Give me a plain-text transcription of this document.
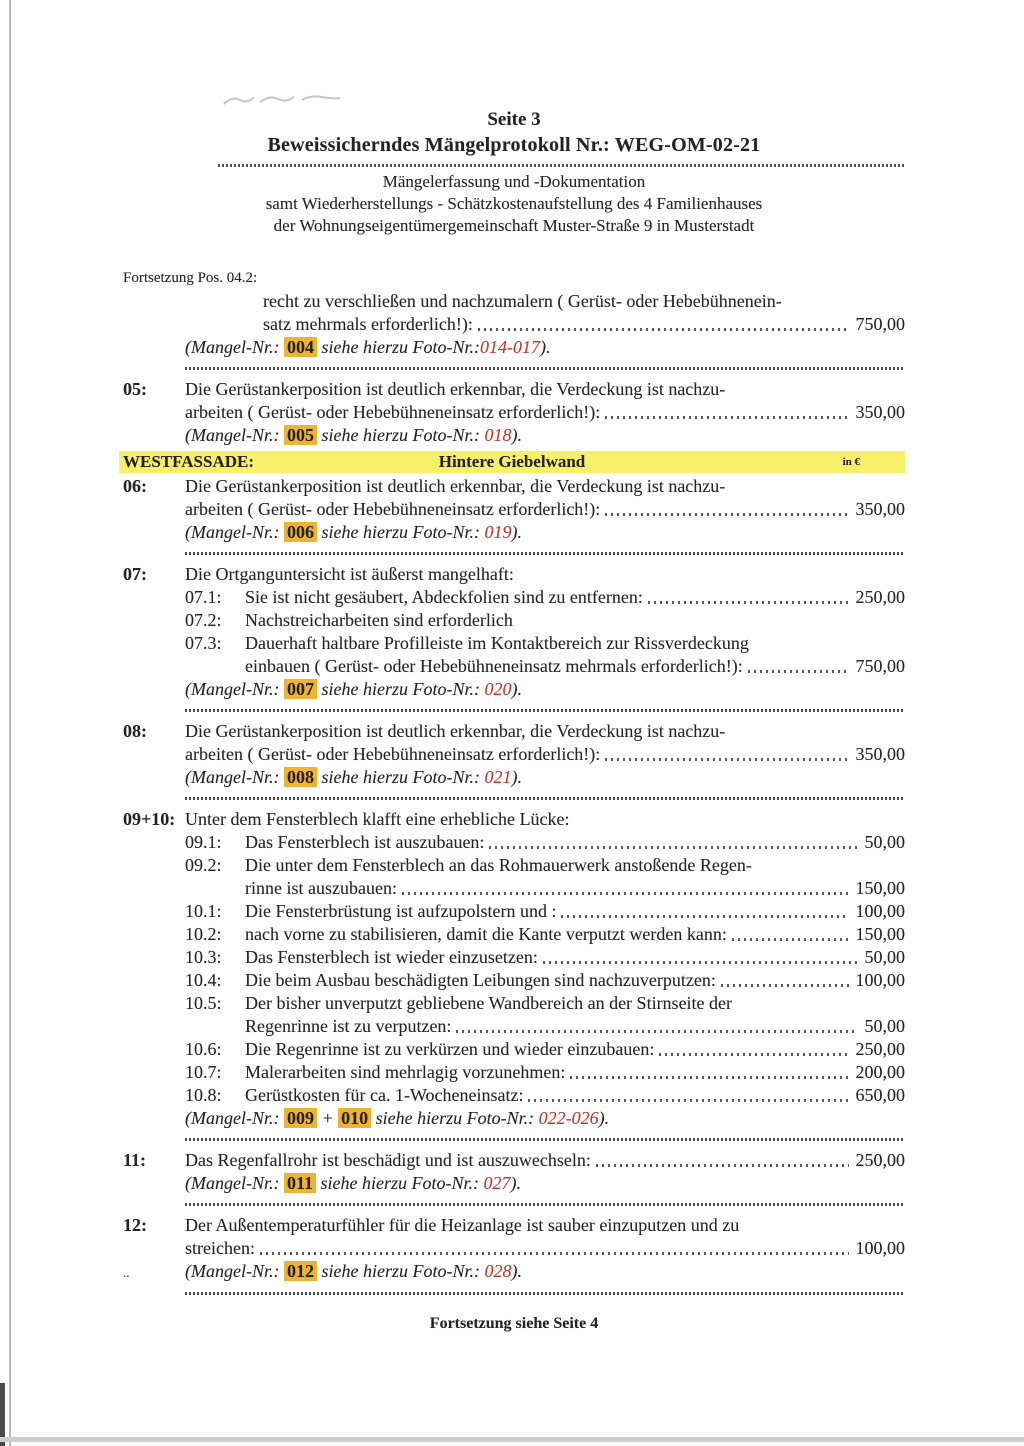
Seite 3
Beweissicherndes Mängelprotokoll Nr.: WEG-OM-02-21
Mängelerfassung und -Dokumentation
samt Wiederherstellungs - Schätzkostenaufstellung des 4 Familienhauses
der Wohnungseigentümergemeinschaft Muster-Straße 9 in Musterstadt
Fortsetzung Pos. 04.2:
recht zu verschließen und nachzumalern ( Gerüst- oder Hebebühnenein-
satz mehrmals erforderlich!):	750,00
(Mangel-Nr.: 004 siehe hierzu Foto-Nr.:014-017).
05:	Die Gerüstankerposition ist deutlich erkennbar, die Verdeckung ist nachzu-
arbeiten ( Gerüst- oder Hebebühneneinsatz erforderlich!):	350,00
(Mangel-Nr.: 005 siehe hierzu Foto-Nr.: 018).
Hintere Giebelwand
WESTFASSADE:	in €
06:	Die Gerüstankerposition ist deutlich erkennbar, die Verdeckung ist nachzu-
arbeiten ( Gerüst- oder Hebebühneneinsatz erforderlich!):	350,00
(Mangel-Nr.: 006 siehe hierzu Foto-Nr.: 019).
07:	Die Ortganguntersicht ist äußerst mangelhaft:
07.1:	Sie ist nicht gesäubert, Abdeckfolien sind zu entfernen:	250,00
07.2:	Nachstreicharbeiten sind erforderlich
07.3:	Dauerhaft haltbare Profilleiste im Kontaktbereich zur Rissverdeckung
einbauen ( Gerüst- oder Hebebühneneinsatz mehrmals erforderlich!):	750,00
(Mangel-Nr.: 007 siehe hierzu Foto-Nr.: 020).
08:	Die Gerüstankerposition ist deutlich erkennbar, die Verdeckung ist nachzu-
arbeiten ( Gerüst- oder Hebebühneneinsatz erforderlich!):	350,00
(Mangel-Nr.: 008 siehe hierzu Foto-Nr.: 021).
09+10: Unter dem Fensterblech klafft eine erhebliche Lücke:
09.1:	Das Fensterblech ist auszubauen:	50,00
09.2:	Die unter dem Fensterblech an das Rohmauerwerk anstoßende Regen-
rinne ist auszubauen:	150,00
10.1:	Die Fensterbrüstung ist aufzupolstern und :	100,00
10.2:	nach vorne zu stabilisieren, damit die Kante verputzt werden kann:	150,00
10.3:	Das Fensterblech ist wieder einzusetzen:	50,00
10.4:	Die beim Ausbau beschädigten Leibungen sind nachzuverputzen:	100,00
10.5:	Der bisher unverputzt gebliebene Wandbereich an der Stirnseite der
Regenrinne ist zu verputzen:	50,00
10.6:	Die Regenrinne ist zu verkürzen und wieder einzubauen:	250,00
10.7:	Malerarbeiten sind mehrlagig vorzunehmen:	200,00
10.8:	Gerüstkosten für ca. 1-Wocheneinsatz:	650,00
(Mangel-Nr.: 009 + 010 siehe hierzu Foto-Nr.: 022-026).
11:	Das Regenfallrohr ist beschädigt und ist auszuwechseln:	250,00
(Mangel-Nr.: 011 siehe hierzu Foto-Nr.: 027).
12:	Der Außentemperaturfühler für die Heizanlage ist sauber einzuputzen und zu
streichen:	100,00
..	(Mangel-Nr.: 012 siehe hierzu Foto-Nr.: 028).
Fortsetzung siehe Seite 4
